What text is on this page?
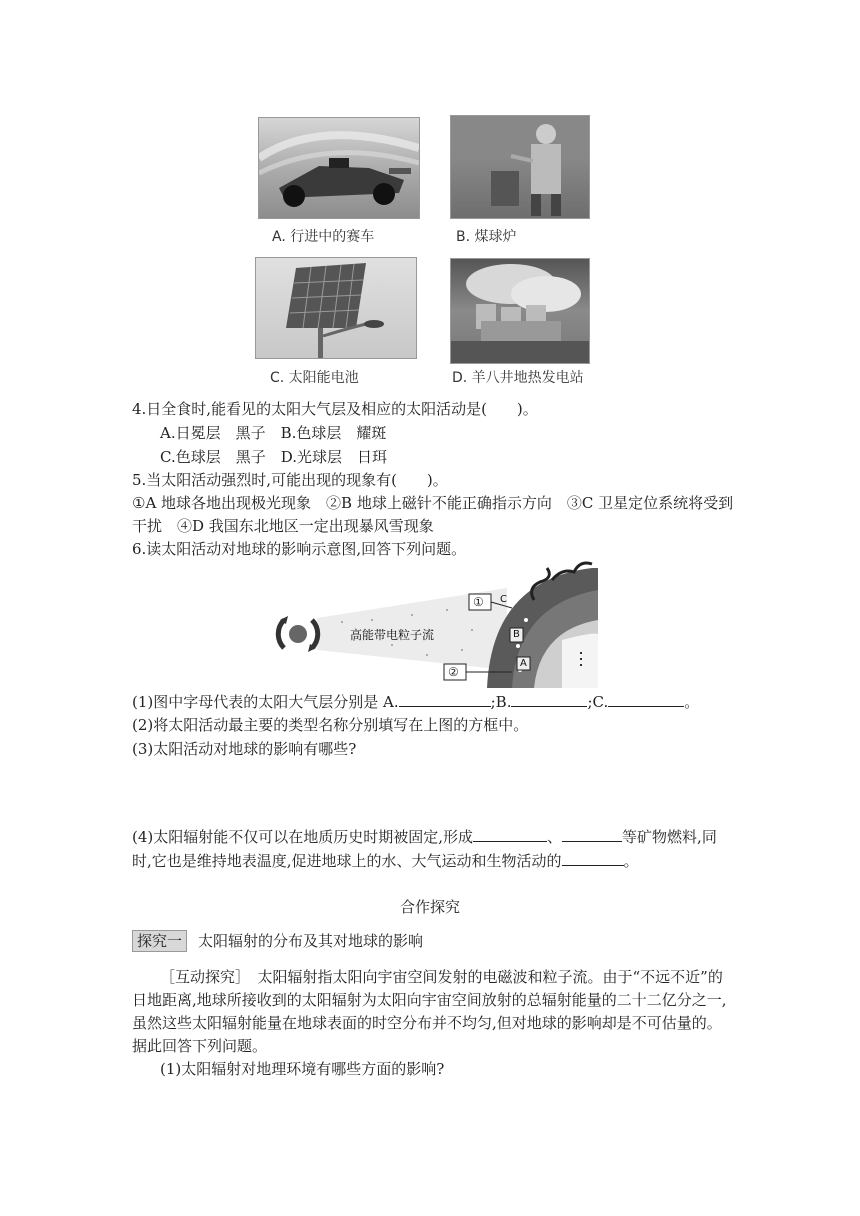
A. 行进中的赛车	B. 煤球炉
C. 太阳能电池	D. 羊八井地热发电站
4.日全食时,能看见的太阳大气层及相应的太阳活动是(　　)。
A.日冕层　黑子　B.色球层　耀斑
C.色球层　黑子　D.光球层　日珥
5.当太阳活动强烈时,可能出现的现象有(　　)。
①A 地球各地出现极光现象　②B 地球上磁针不能正确指示方向　③C 卫星定位系统将受到
干扰　④D 我国东北地区一定出现暴风雪现象
6.读太阳活动对地球的影响示意图,回答下列问题。
高能带电粒子流
①
②
C
B
A
(1)图中字母代表的太阳大气层分别是 A.	;B.	;C.	。
(2)将太阳活动最主要的类型名称分别填写在上图的方框中。
(3)太阳活动对地球的影响有哪些?
(4)太阳辐射能不仅可以在地质历史时期被固定,形成	、	等矿物燃料,同
时,它也是维持地表温度,促进地球上的水、大气运动和生物活动的	。
合作探究
探究一	太阳辐射的分布及其对地球的影响
［互动探究］　太阳辐射指太阳向宇宙空间发射的电磁波和粒子流。由于“不远不近”的
日地距离,地球所接收到的太阳辐射为太阳向宇宙空间放射的总辐射能量的二十二亿分之一,
虽然这些太阳辐射能量在地球表面的时空分布并不均匀,但对地球的影响却是不可估量的。
据此回答下列问题。
(1)太阳辐射对地理环境有哪些方面的影响?
